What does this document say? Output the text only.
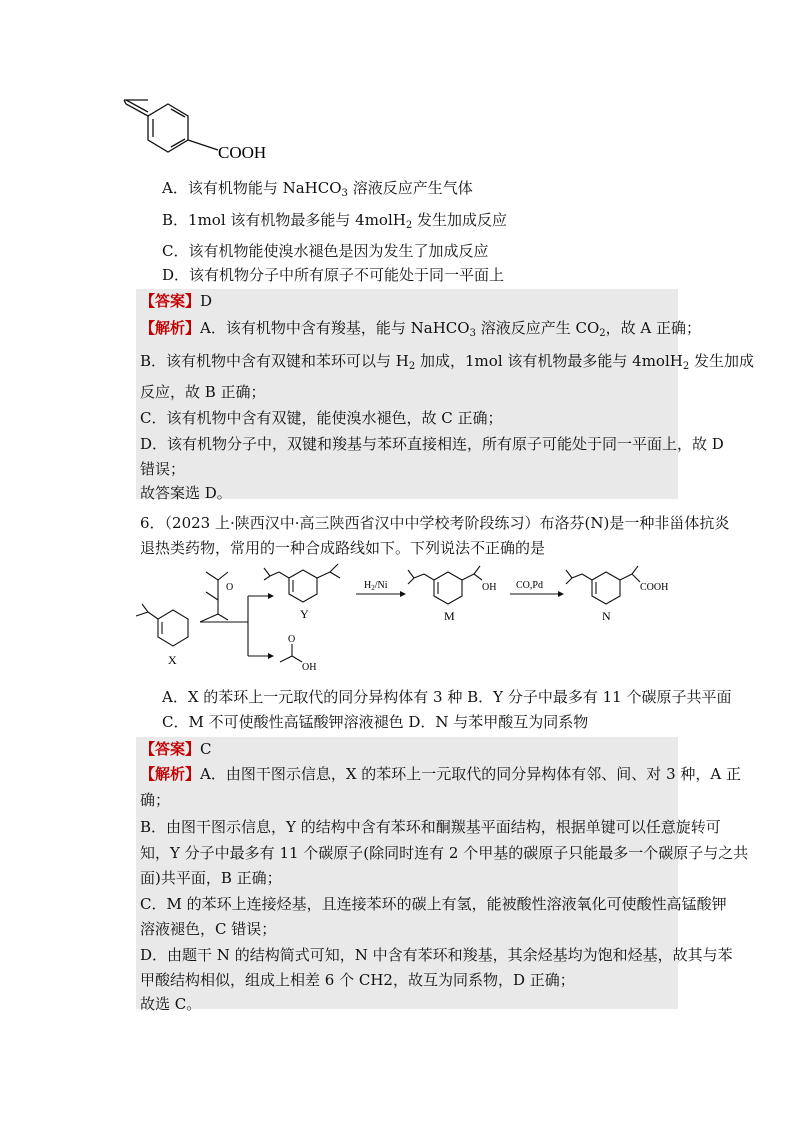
COOH
A．该有机物能与 NaHCO$_3$ 溶液反应产生气体
B．1mol 该有机物最多能与 4molH$_2$ 发生加成反应
C．该有机物能使溴水褪色是因为发生了加成反应
D．该有机物分子中所有原子不可能处于同一平面上
【答案】D
【解析】A．该有机物中含有羧基，能与 NaHCO$_3$ 溶液反应产生 $CO_2$，故 A 正确；
B．该有机物中含有双键和苯环可以与 $H_2$ 加成，1mol 该有机物最多能与 4molH$_2$ 发生加成
反应，故 B 正确；
C．该有机物中含有双键，能使溴水褪色，故 C 正确；
D．该有机物分子中，双键和羧基与苯环直接相连，所有原子可能处于同一平面上，故 D
错误；
故答案选 D。
6．（2023 上·陕西汉中·高三陕西省汉中中学校考阶段练习）布洛芬(N)是一种非甾体抗炎
退热类药物，常用的一种合成路线如下。下列说法不正确的是
X
Y	M	N
O	$H_2/Ni$	CO,Pd
OH	COOH
O
OH
A．X 的苯环上一元取代的同分异构体有 3 种 B．Y 分子中最多有 11 个碳原子共平面
C．M 不可使酸性高锰酸钾溶液褪色 D．N 与苯甲酸互为同系物
【答案】C
【解析】A．由图干图示信息，X 的苯环上一元取代的同分异构体有邻、间、对 3 种，A 正
确；
B．由图干图示信息，Y 的结构中含有苯环和酮羰基平面结构，根据单键可以任意旋转可
知，Y 分子中最多有 11 个碳原子(除同时连有 2 个甲基的碳原子只能最多一个碳原子与之共
面)共平面，B 正确；
C．M 的苯环上连接烃基，且连接苯环的碳上有氢，能被酸性溶液氧化可使酸性高锰酸钾
溶液褪色，C 错误；
D．由题干 N 的结构简式可知，N 中含有苯环和羧基，其余烃基均为饱和烃基，故其与苯
甲酸结构相似，组成上相差 6 个 CH2，故互为同系物，D 正确；
故选 C。
